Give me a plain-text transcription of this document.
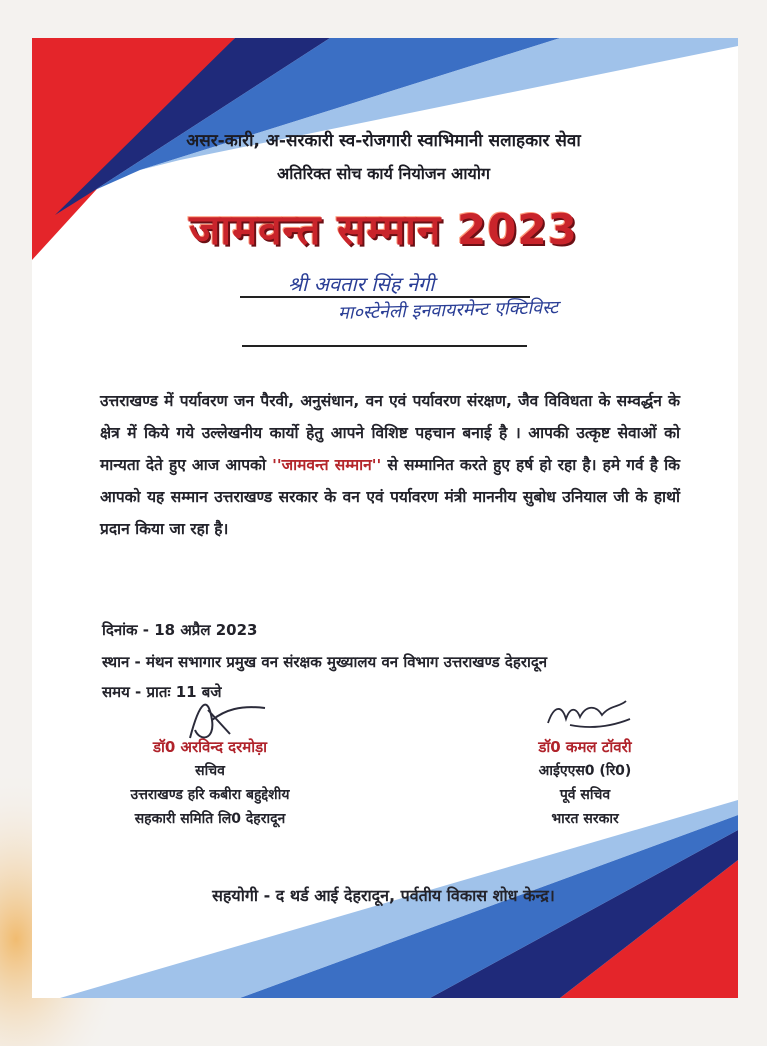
असर-कारी, अ-सरकारी स्व-रोजगारी स्वाभिमानी सलाहकार सेवा
अतिरिक्त सोच कार्य नियोजन आयोग
जामवन्त सम्मान 2023
श्री अवतार सिंह नेगी
मा०स्टेनेली इनवायरमेन्ट एक्टिविस्ट
उत्तराखण्ड में पर्यावरण जन पैरवी, अनुसंधान, वन एवं पर्यावरण संरक्षण, जैव विविधता के सम्वर्द्धन के क्षेत्र में किये गये उल्लेखनीय कार्यो हेतु आपने विशिष्ट पहचान बनाई है । आपकी उत्कृष्ट सेवाओं को मान्यता देते हुए आज आपको ''जामवन्त सम्मान'' से सम्मानित करते हुए हर्ष हो रहा है। हमे गर्व है कि आपको यह सम्मान उत्तराखण्ड सरकार के वन एवं पर्यावरण मंत्री माननीय सुबोध उनियाल जी के हाथों प्रदान किया जा रहा है।
दिनांक - 18 अप्रैल 2023
स्थान - मंथन सभागार प्रमुख वन संरक्षक मुख्यालय वन विभाग उत्तराखण्ड देहरादून
समय - प्रातः 11 बजे
डॉ0 अरविन्द दरमोड़ा
सचिव
उत्तराखण्ड हरि कबीरा बहुद्देशीय
सहकारी समिति लि0 देहरादून
डॉ0 कमल टॉवरी
आईएएस0 (रि0)
पूर्व सचिव
भारत सरकार
सहयोगी - द थर्ड आई देहरादून, पर्वतीय विकास शोध केन्द्र।
